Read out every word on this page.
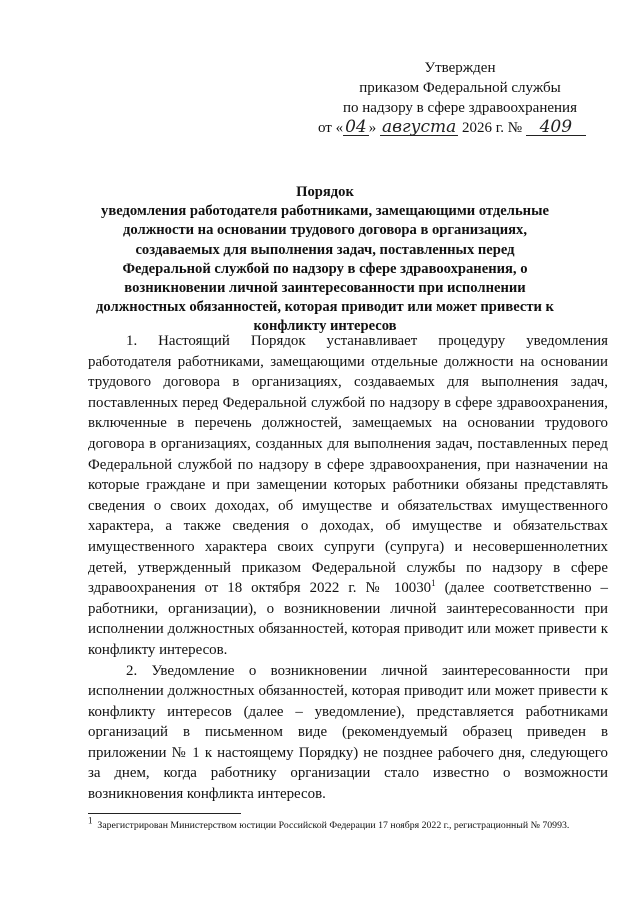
Утвержден
приказом Федеральной службы
по надзору в сфере здравоохранения
от « 04 » августа 2026 г. № 409
Порядок
уведомления работодателя работниками, замещающими отдельные должности на основании трудового договора в организациях, создаваемых для выполнения задач, поставленных перед Федеральной службой по надзору в сфере здравоохранения, о возникновении личной заинтересованности при исполнении должностных обязанностей, которая приводит или может привести к конфликту интересов

1. Настоящий Порядок устанавливает процедуру уведомления работодателя работниками, замещающими отдельные должности на основании трудового договора в организациях, создаваемых для выполнения задач, поставленных перед Федеральной службой по надзору в сфере здравоохранения, включенные в перечень должностей, замещаемых на основании трудового договора в организациях, созданных для выполнения задач, поставленных перед Федеральной службой по надзору в сфере здравоохранения, при назначении на которые граждане и при замещении которых работники обязаны представлять сведения о своих доходах, об имуществе и обязательствах имущественного характера, а также сведения о доходах, об имуществе и обязательствах имущественного характера своих супруги (супруга) и несовершеннолетних детей, утвержденный приказом Федеральной службы по надзору в сфере здравоохранения от 18 октября 2022 г. № 10030$^1$ (далее соответственно – работники, организации), о возникновении личной заинтересованности при исполнении должностных обязанностей, которая приводит или может привести к конфликту интересов.

2. Уведомление о возникновении личной заинтересованности при исполнении должностных обязанностей, которая приводит или может привести к конфликту интересов (далее – уведомление), представляется работниками организаций в письменном виде (рекомендуемый образец приведен в приложении № 1 к настоящему Порядку) не позднее рабочего дня, следующего за днем, когда работнику организации стало известно о возможности возникновения конфликта интересов.

$^1$ Зарегистрирован Министерством юстиции Российской Федерации 17 ноября 2022 г., регистрационный № 70993.
